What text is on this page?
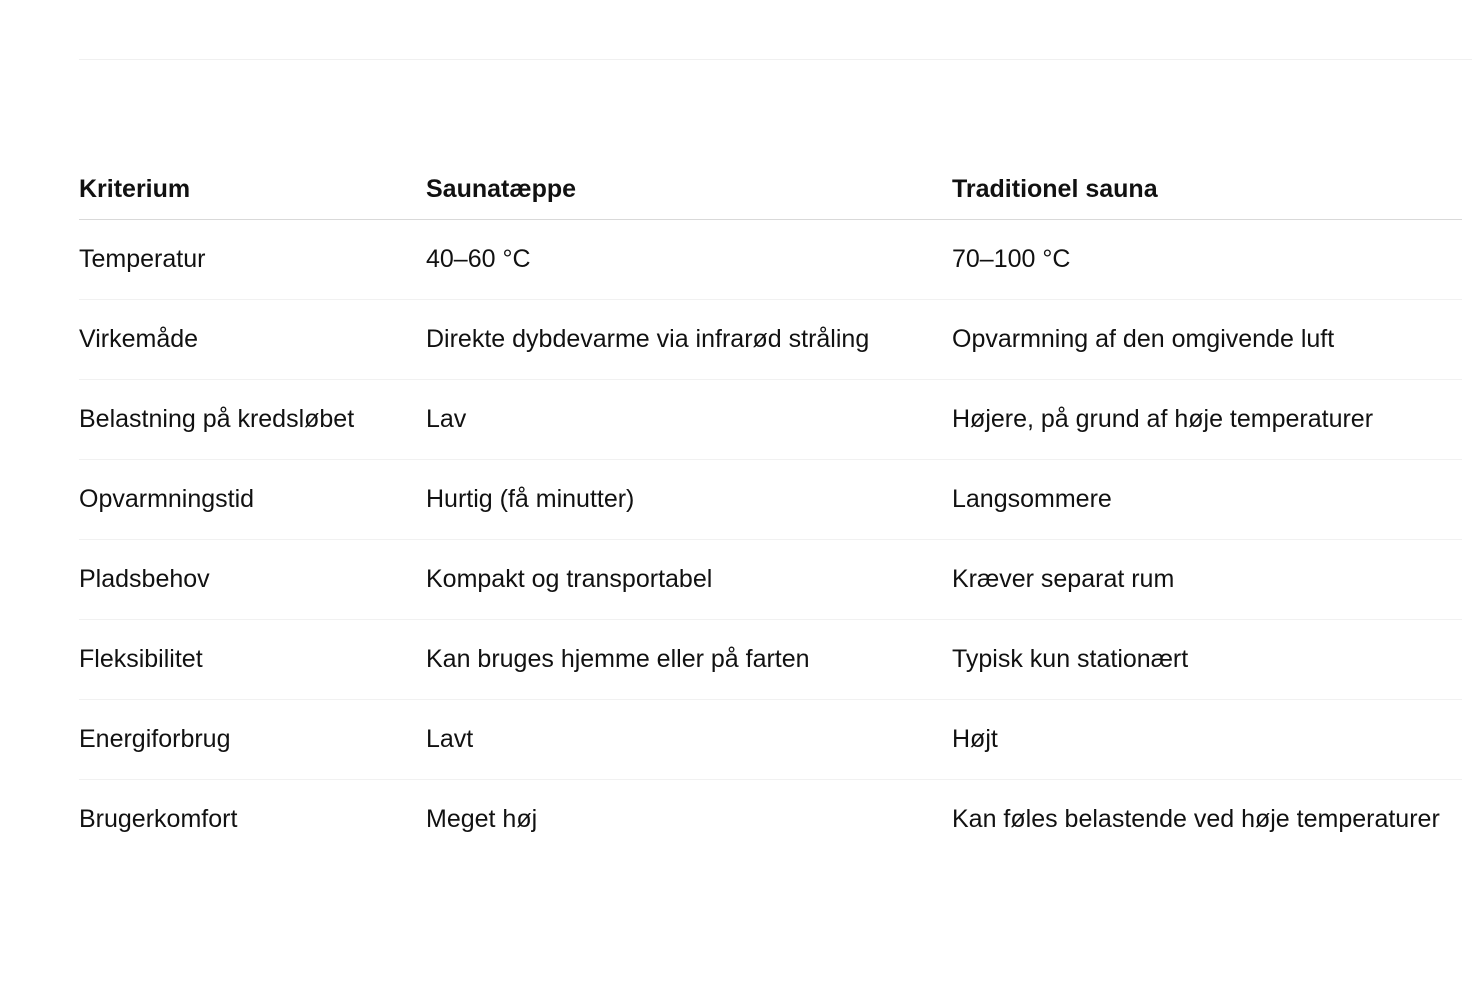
Kriterium	Saunatæppe	Traditionel sauna
Temperatur	40–60 °C	70–100 °C
Virkemåde	Direkte dybdevarme via infrarød stråling	Opvarmning af den omgivende luft
Belastning på kredsløbet	Lav	Højere, på grund af høje temperaturer
Opvarmningstid	Hurtig (få minutter)	Langsommere
Pladsbehov	Kompakt og transportabel	Kræver separat rum
Fleksibilitet	Kan bruges hjemme eller på farten	Typisk kun stationært
Energiforbrug	Lavt	Højt
Brugerkomfort	Meget høj	Kan føles belastende ved høje temperaturer
